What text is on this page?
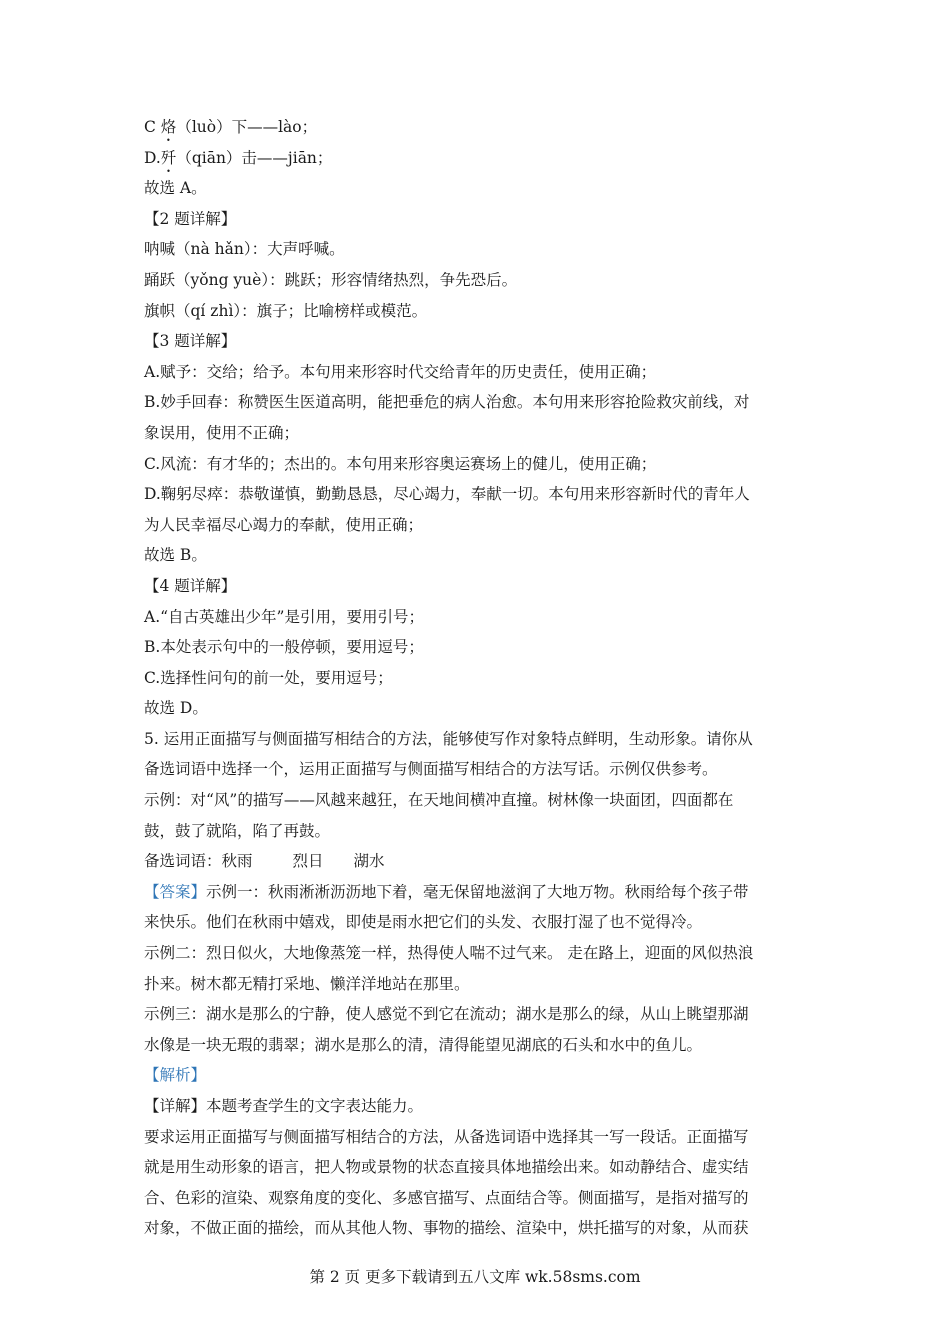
C 烙（luò）下——lào；
D.歼（qiān）击——jiān；
故选 A。
【2 题详解】
呐喊（nà hǎn）：大声呼喊。
踊跃（yǒng yuè）：跳跃；形容情绪热烈，争先恐后。
旗帜（qí zhì）：旗子；比喻榜样或模范。
【3 题详解】
A.赋予：交给；给予。本句用来形容时代交给青年的历史责任，使用正确；
B.妙手回春：称赞医生医道高明，能把垂危的病人治愈。本句用来形容抢险救灾前线，对
象误用，使用不正确；
C.风流：有才华的；杰出的。本句用来形容奥运赛场上的健儿，使用正确；
D.鞠躬尽瘁：恭敬谨慎，勤勤恳恳，尽心竭力，奉献一切。本句用来形容新时代的青年人
为人民幸福尽心竭力的奉献，使用正确；
故选 B。
【4 题详解】
A.“自古英雄出少年”是引用，要用引号；
B.本处表示句中的一般停顿，要用逗号；
C.选择性问句的前一处，要用逗号；
故选 D。
5. 运用正面描写与侧面描写相结合的方法，能够使写作对象特点鲜明，生动形象。请你从
备选词语中选择一个，运用正面描写与侧面描写相结合的方法写话。示例仅供参考。
示例：对“风”的描写——风越来越狂，在天地间横冲直撞。树林像一块面团，四面都在
鼓，鼓了就陷，陷了再鼓。
备选词语：秋雨	烈日 湖水
【答案】示例一：秋雨淅淅沥沥地下着，毫无保留地滋润了大地万物。秋雨给每个孩子带
来快乐。他们在秋雨中嬉戏，即使是雨水把它们的头发、衣服打湿了也不觉得冷。
示例二：烈日似火，大地像蒸笼一样，热得使人喘不过气来。 走在路上，迎面的风似热浪
扑来。树木都无精打采地、懒洋洋地站在那里。
示例三：湖水是那么的宁静，使人感觉不到它在流动；湖水是那么的绿，从山上眺望那湖
水像是一块无瑕的翡翠；湖水是那么的清，清得能望见湖底的石头和水中的鱼儿。
【解析】
【详解】本题考查学生的文字表达能力。
要求运用正面描写与侧面描写相结合的方法，从备选词语中选择其一写一段话。正面描写
就是用生动形象的语言，把人物或景物的状态直接具体地描绘出来。如动静结合、虚实结
合、色彩的渲染、观察角度的变化、多感官描写、点面结合等。侧面描写，是指对描写的
对象，不做正面的描绘，而从其他人物、事物的描绘、渲染中，烘托描写的对象，从而获
第 2 页 更多下载请到五八文库 wk.58sms.com
